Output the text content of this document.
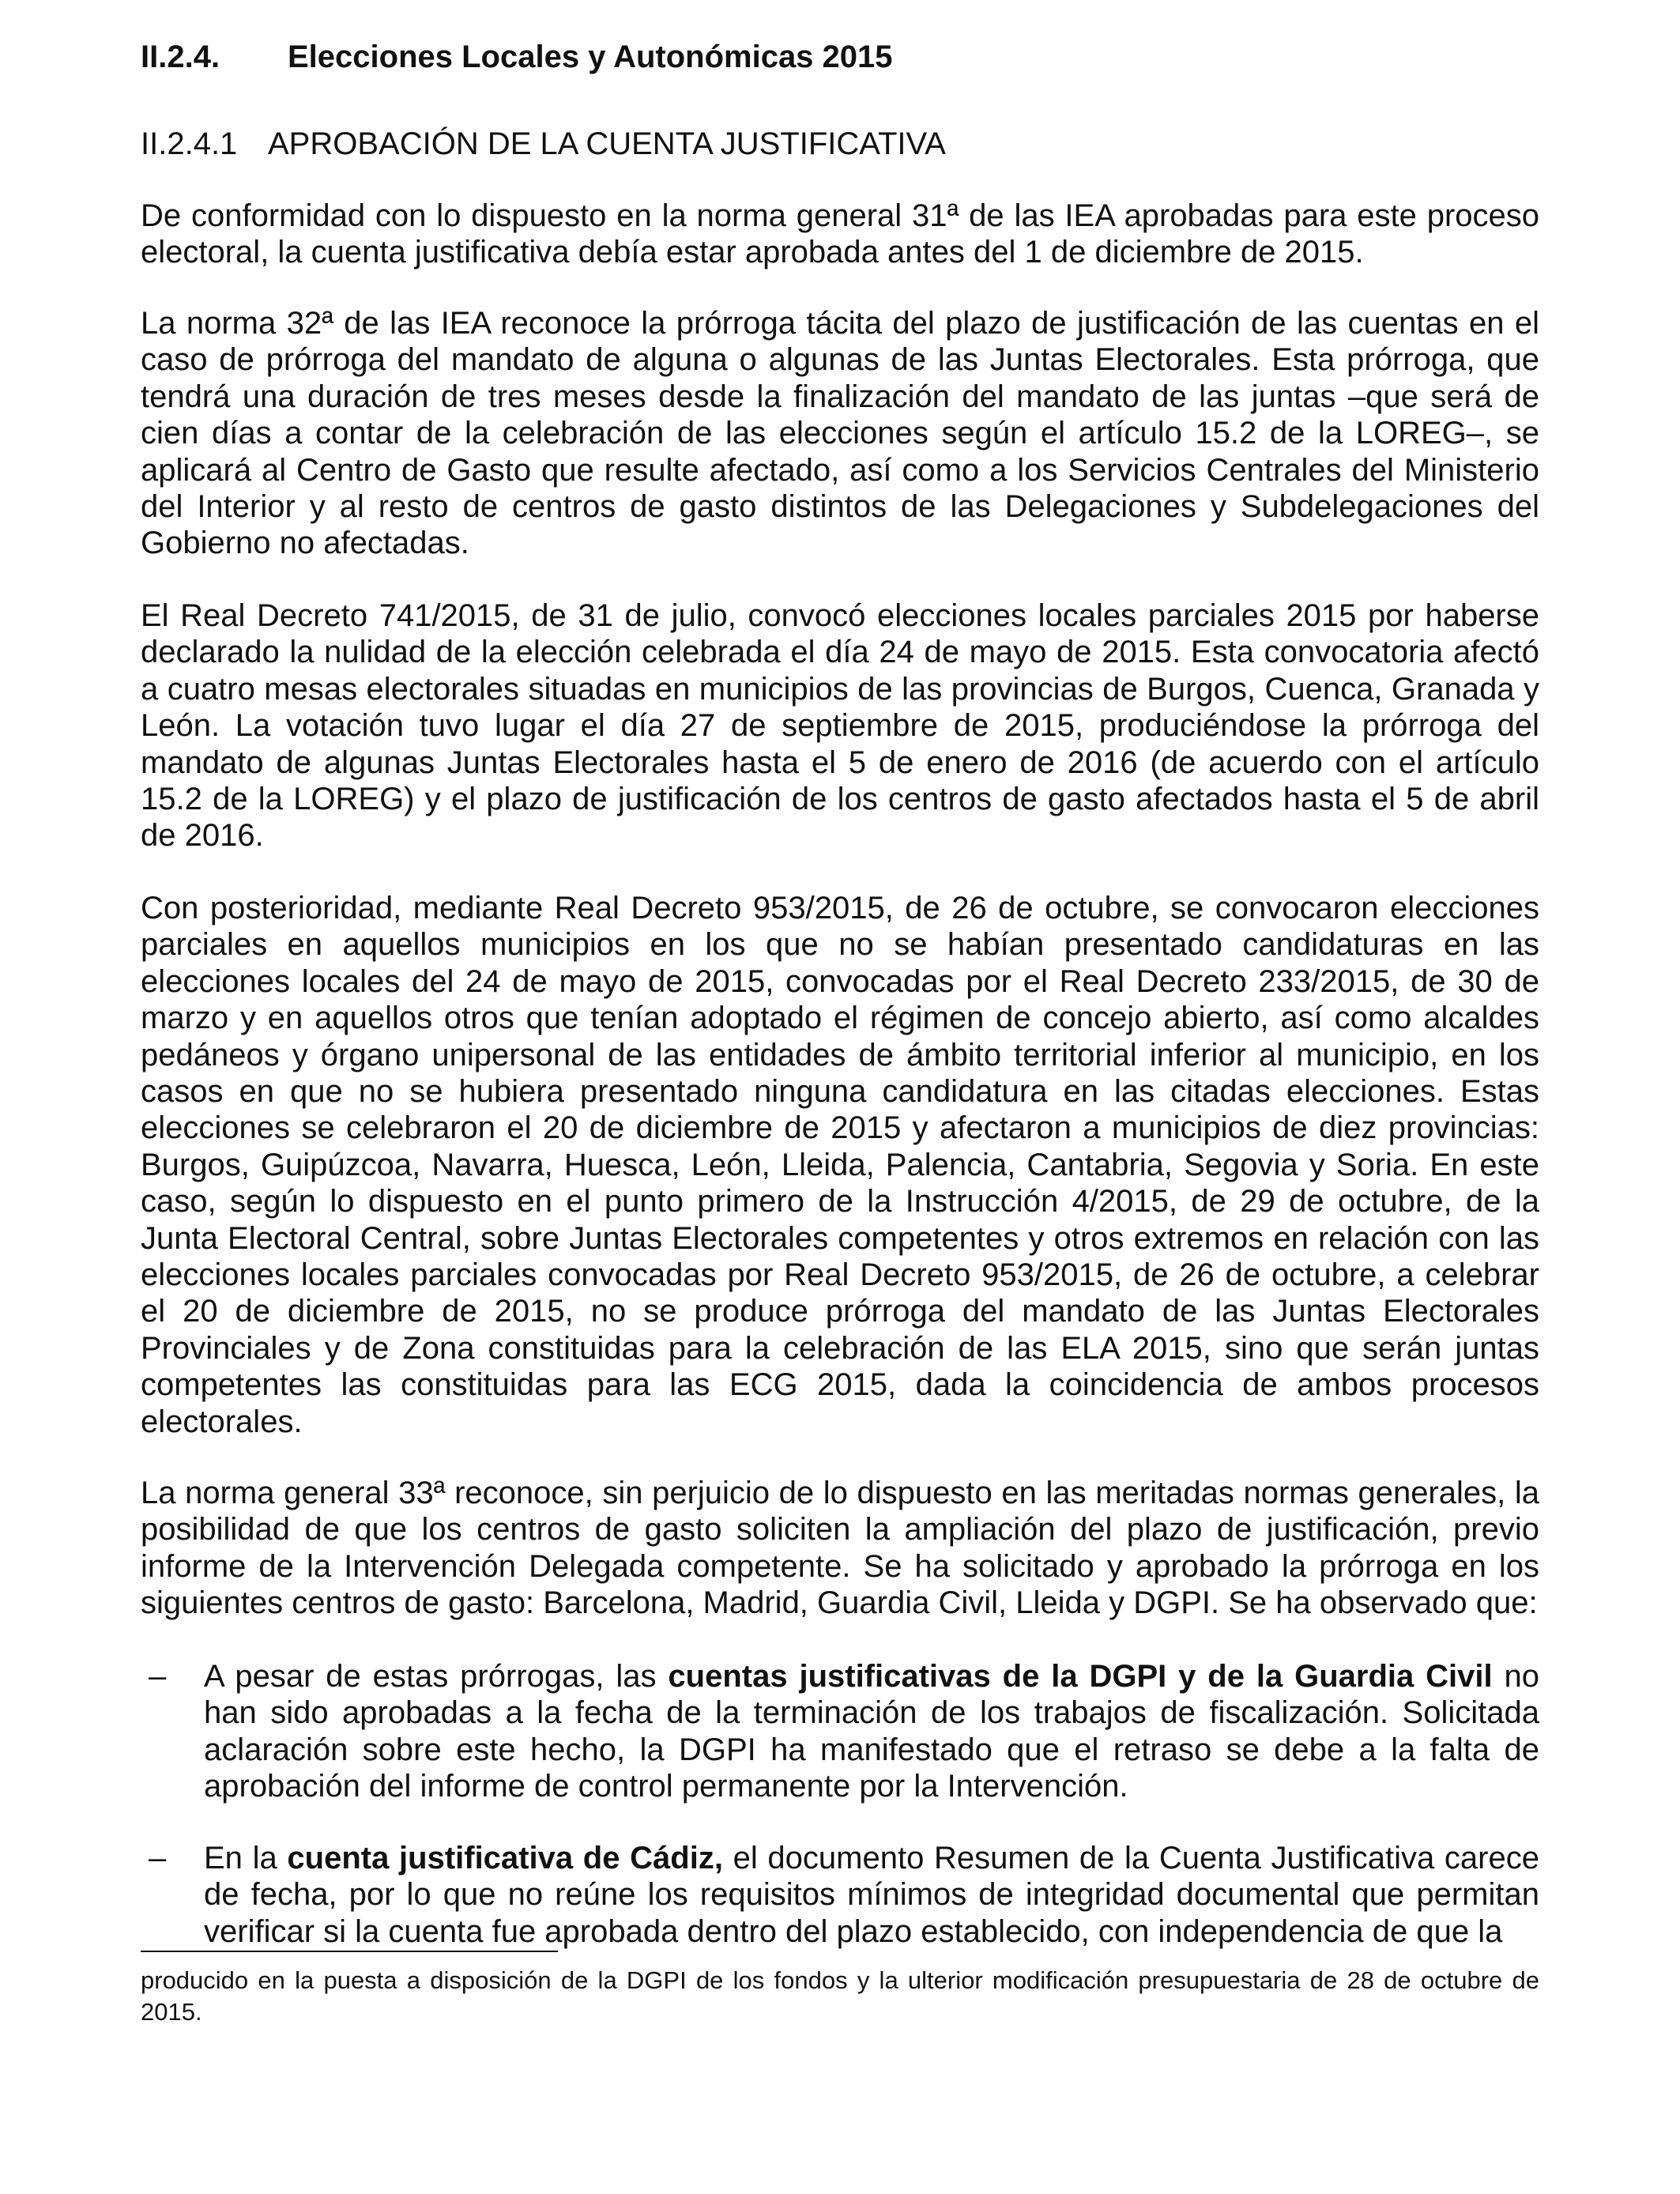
II.2.4. Elecciones Locales y Autonómicas 2015
II.2.4.1 APROBACIÓN DE LA CUENTA JUSTIFICATIVA

De conformidad con lo dispuesto en la norma general 31ª de las IEA aprobadas para este proceso electoral, la cuenta justificativa debía estar aprobada antes del 1 de diciembre de 2015.

La norma 32ª de las IEA reconoce la prórroga tácita del plazo de justificación de las cuentas en el caso de prórroga del mandato de alguna o algunas de las Juntas Electorales. Esta prórroga, que tendrá una duración de tres meses desde la finalización del mandato de las juntas –que será de cien días a contar de la celebración de las elecciones según el artículo 15.2 de la LOREG–, se aplicará al Centro de Gasto que resulte afectado, así como a los Servicios Centrales del Ministerio del Interior y al resto de centros de gasto distintos de las Delegaciones y Subdelegaciones del Gobierno no afectadas.

El Real Decreto 741/2015, de 31 de julio, convocó elecciones locales parciales 2015 por haberse declarado la nulidad de la elección celebrada el día 24 de mayo de 2015. Esta convocatoria afectó a cuatro mesas electorales situadas en municipios de las provincias de Burgos, Cuenca, Granada y León. La votación tuvo lugar el día 27 de septiembre de 2015, produciéndose la prórroga del mandato de algunas Juntas Electorales hasta el 5 de enero de 2016 (de acuerdo con el artículo 15.2 de la LOREG) y el plazo de justificación de los centros de gasto afectados hasta el 5 de abril de 2016.

Con posterioridad, mediante Real Decreto 953/2015, de 26 de octubre, se convocaron elecciones parciales en aquellos municipios en los que no se habían presentado candidaturas en las elecciones locales del 24 de mayo de 2015, convocadas por el Real Decreto 233/2015, de 30 de marzo y en aquellos otros que tenían adoptado el régimen de concejo abierto, así como alcaldes pedáneos y órgano unipersonal de las entidades de ámbito territorial inferior al municipio, en los casos en que no se hubiera presentado ninguna candidatura en las citadas elecciones. Estas elecciones se celebraron el 20 de diciembre de 2015 y afectaron a municipios de diez provincias: Burgos, Guipúzcoa, Navarra, Huesca, León, Lleida, Palencia, Cantabria, Segovia y Soria. En este caso, según lo dispuesto en el punto primero de la Instrucción 4/2015, de 29 de octubre, de la Junta Electoral Central, sobre Juntas Electorales competentes y otros extremos en relación con las elecciones locales parciales convocadas por Real Decreto 953/2015, de 26 de octubre, a celebrar el 20 de diciembre de 2015, no se produce prórroga del mandato de las Juntas Electorales Provinciales y de Zona constituidas para la celebración de las ELA 2015, sino que serán juntas competentes las constituidas para las ECG 2015, dada la coincidencia de ambos procesos electorales.

La norma general 33ª reconoce, sin perjuicio de lo dispuesto en las meritadas normas generales, la posibilidad de que los centros de gasto soliciten la ampliación del plazo de justificación, previo informe de la Intervención Delegada competente. Se ha solicitado y aprobado la prórroga en los siguientes centros de gasto: Barcelona, Madrid, Guardia Civil, Lleida y DGPI. Se ha observado que:

– A pesar de estas prórrogas, las cuentas justificativas de la DGPI y de la Guardia Civil no han sido aprobadas a la fecha de la terminación de los trabajos de fiscalización. Solicitada aclaración sobre este hecho, la DGPI ha manifestado que el retraso se debe a la falta de aprobación del informe de control permanente por la Intervención.
– En la cuenta justificativa de Cádiz, el documento Resumen de la Cuenta Justificativa carece de fecha, por lo que no reúne los requisitos mínimos de integridad documental que permitan verificar si la cuenta fue aprobada dentro del plazo establecido, con independencia de que la

producido en la puesta a disposición de la DGPI de los fondos y la ulterior modificación presupuestaria de 28 de octubre de 2015.
